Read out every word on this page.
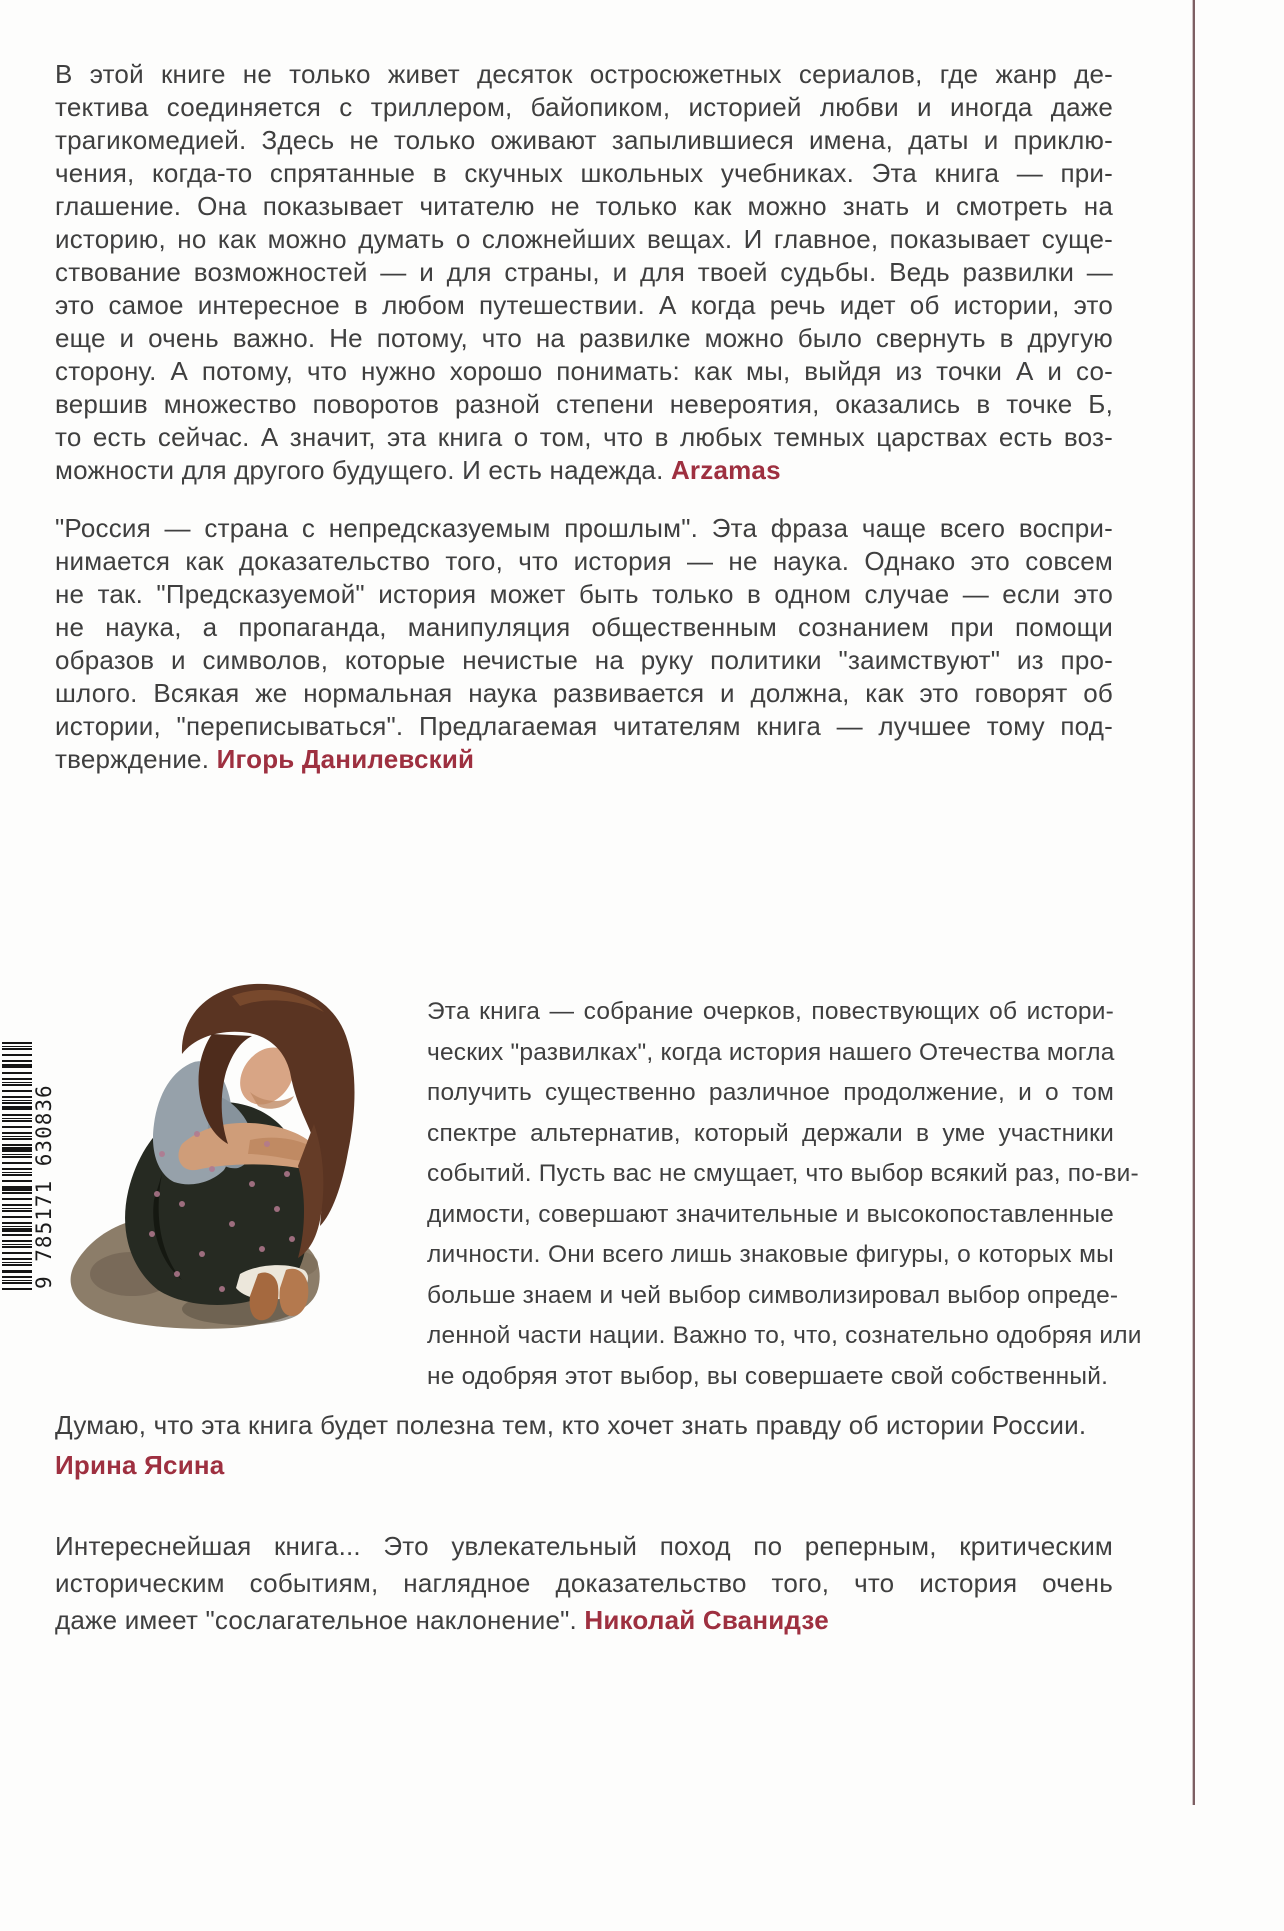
В этой книге не только живет десяток остросюжетных сериалов, где жанр де-
тектива соединяется с триллером, байопиком, историей любви и иногда даже
трагикомедией. Здесь не только оживают запылившиеся имена, даты и приклю-
чения, когда-то спрятанные в скучных школьных учебниках. Эта книга — при-
глашение. Она показывает читателю не только как можно знать и смотреть на
историю, но как можно думать о сложнейших вещах. И главное, показывает суще-
ствование возможностей — и для страны, и для твоей судьбы. Ведь развилки —
это самое интересное в любом путешествии. А когда речь идет об истории, это
еще и очень важно. Не потому, что на развилке можно было свернуть в другую
сторону. А потому, что нужно хорошо понимать: как мы, выйдя из точки А и со-
вершив множество поворотов разной степени невероятия, оказались в точке Б,
то есть сейчас. А значит, эта книга о том, что в любых темных царствах есть воз-
можности для другого будущего. И есть надежда. Arzamas
"Россия — страна с непредсказуемым прошлым". Эта фраза чаще всего воспри-
нимается как доказательство того, что история — не наука. Однако это совсем
не так. "Предсказуемой" история может быть только в одном случае — если это
не наука, а пропаганда, манипуляция общественным сознанием при помощи
образов и символов, которые нечистые на руку политики "заимствуют" из про-
шлого. Всякая же нормальная наука развивается и должна, как это говорят об
истории, "переписываться". Предлагаемая читателям книга — лучшее тому под-
тверждение. Игорь Данилевский
9 785171 630836
Эта книга — собрание очерков, повествующих об истори-
ческих "развилках", когда история нашего Отечества могла
получить существенно различное продолжение, и о том
спектре альтернатив, который держали в уме участники
событий. Пусть вас не смущает, что выбор всякий раз, по-ви-
димости, совершают значительные и высокопоставленные
личности. Они всего лишь знаковые фигуры, о которых мы
больше знаем и чей выбор символизировал выбор опреде-
ленной части нации. Важно то, что, сознательно одобряя или
не одобряя этот выбор, вы совершаете свой собственный.
Думаю, что эта книга будет полезна тем, кто хочет знать правду об истории России.
Ирина Ясина
Интереснейшая книга... Это увлекательный поход по реперным, критическим
историческим событиям, наглядное доказательство того, что история очень
даже имеет "сослагательное наклонение". Николай Сванидзе
